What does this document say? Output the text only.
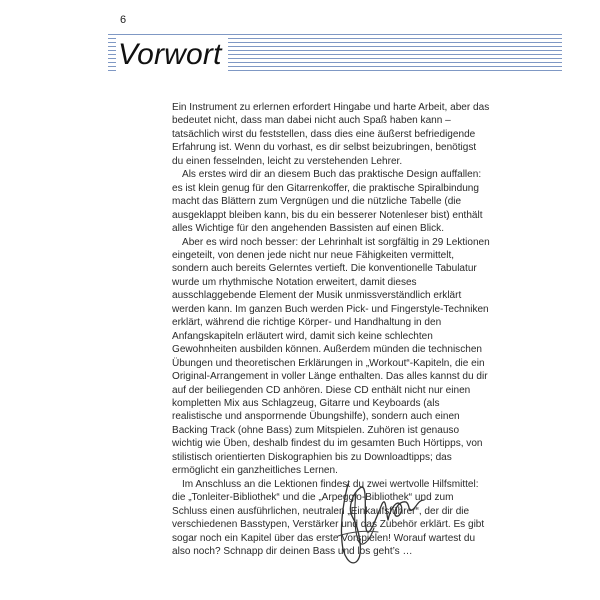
6
Vorwort

Ein Instrument zu erlernen erfordert Hingabe und harte Arbeit, aber das bedeutet nicht, dass man dabei nicht auch Spaß haben kann – tatsächlich wirst du feststellen, dass dies eine äußerst befriedigende Erfahrung ist. Wenn du vorhast, es dir selbst beizubringen, benötigst du einen fesselnden, leicht zu verstehenden Lehrer.

Als erstes wird dir an diesem Buch das praktische Design auffallen: es ist klein genug für den Gitarrenkoffer, die praktische Spiralbindung macht das Blättern zum Vergnügen und die nützliche Tabelle (die ausgeklappt bleiben kann, bis du ein besserer Notenleser bist) enthält alles Wichtige für den angehenden Bassisten auf einen Blick.

Aber es wird noch besser: der Lehrinhalt ist sorgfältig in 29 Lektionen eingeteilt, von denen jede nicht nur neue Fähigkeiten vermittelt, sondern auch bereits Gelerntes vertieft. Die konventionelle Tabulatur wurde um rhythmische Notation erweitert, damit dieses ausschlaggebende Element der Musik unmissverständlich erklärt werden kann. Im ganzen Buch werden Pick- und Fingerstyle-Techniken erklärt, während die richtige Körper- und Handhaltung in den Anfangskapiteln erläutert wird, damit sich keine schlechten Gewohnheiten ausbilden können. Außerdem münden die technischen Übungen und theoretischen Erklärungen in „Workout“-Kapiteln, die ein Original-Arrangement in voller Länge enthalten. Das alles kannst du dir auf der beiliegenden CD anhören. Diese CD enthält nicht nur einen kompletten Mix aus Schlagzeug, Gitarre und Keyboards (als realistische und ansporrnende Übungshilfe), sondern auch einen Backing Track (ohne Bass) zum Mitspielen. Zuhören ist genauso wichtig wie Üben, deshalb findest du im gesamten Buch Hörtipps, von stilistisch orientierten Diskographien bis zu Downloadtipps; das ermöglicht ein ganzheitliches Lernen.

Im Anschluss an die Lektionen findest du zwei wertvolle Hilfsmittel: die „Tonleiter-Bibliothek“ und die „Arpeggio-Bibliothek“ und zum Schluss einen ausführlichen, neutralen „Einkaufsführer“, der dir die verschiedenen Basstypen, Verstärker und das Zubehör erklärt. Es gibt sogar noch ein Kapitel über das erste Vorspielen! Worauf wartest du also noch? Schnapp dir deinen Bass und los geht’s …
